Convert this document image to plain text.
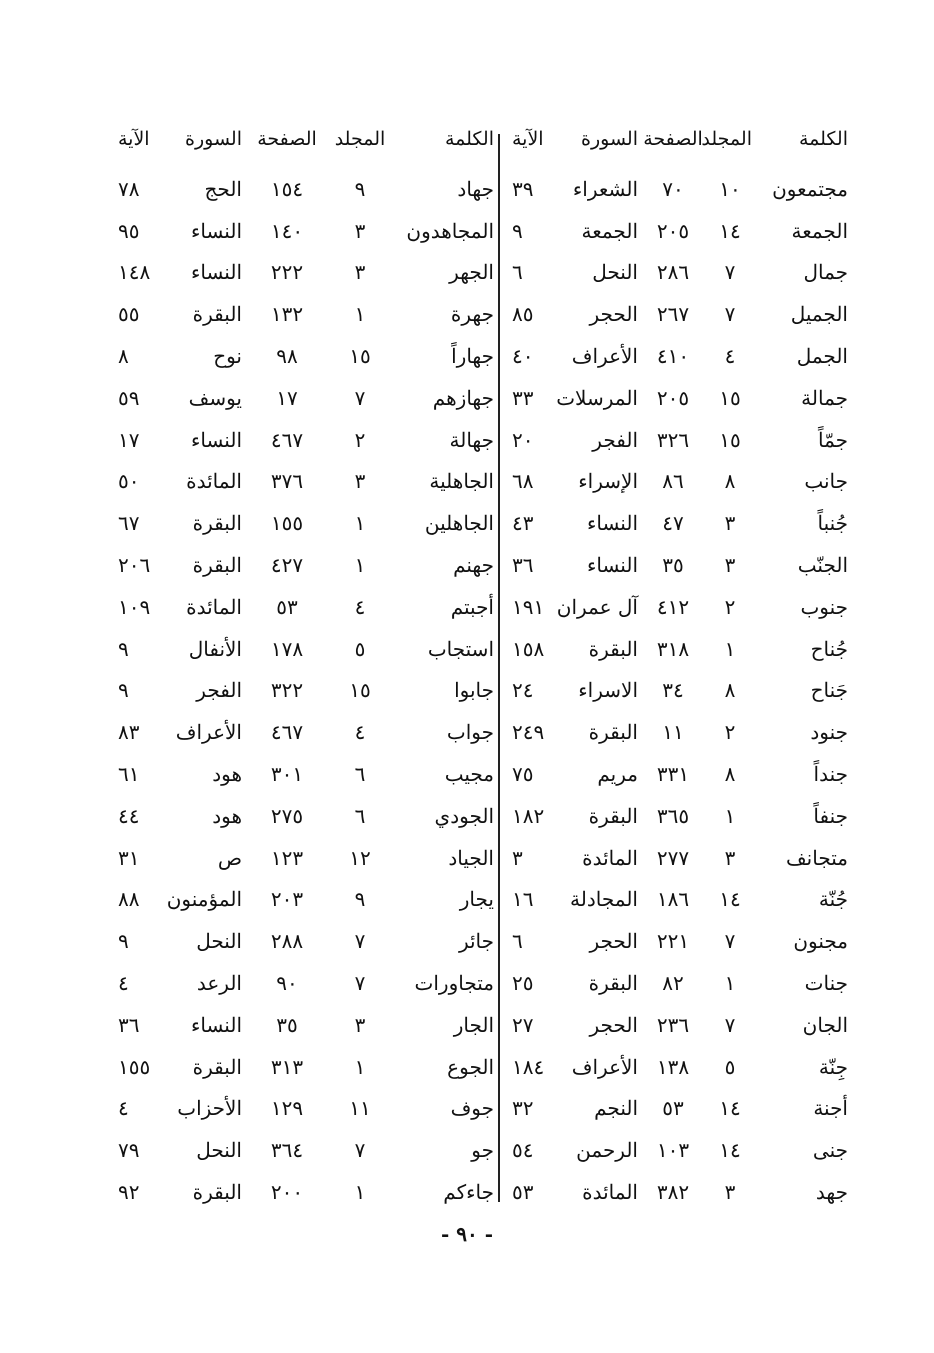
الكلمة
المجلد
الصفحة
السورة
الآية
مجتمعون
١٠
٧٠
الشعراء
٣٩
الجمعة
١٤
٢٠٥
الجمعة
٩
جمال
٧
٢٨٦
النحل
٦
الجميل
٧
٢٦٧
الحجر
٨٥
الجمل
٤
٤١٠
الأعراف
٤٠
جمالة
١٥
٢٠٥
المرسلات
٣٣
جمّاً
١٥
٣٢٦
الفجر
٢٠
جانب
٨
٨٦
الإسراء
٦٨
جُنباً
٣
٤٧
النساء
٤٣
الجنّب
٣
٣٥
النساء
٣٦
جنوب
٢
٤١٢
آل عمران
١٩١
جُناح
١
٣١٨
البقرة
١٥٨
جَناح
٨
٣٤
الاسراء
٢٤
جنود
٢
١١
البقرة
٢٤٩
جنداً
٨
٣٣١
مريم
٧٥
جنفاً
١
٣٦٥
البقرة
١٨٢
متجانف
٣
٢٧٧
المائدة
٣
جُنّة
١٤
١٨٦
المجادلة
١٦
مجنون
٧
٢٢١
الحجر
٦
جنات
١
٨٢
البقرة
٢٥
الجان
٧
٢٣٦
الحجر
٢٧
جِنّة
٥
١٣٨
الأعراف
١٨٤
أجنة
١٤
٥٣
النجم
٣٢
جنى
١٤
١٠٣
الرحمن
٥٤
جهد
٣
٣٨٢
المائدة
٥٣
الكلمة
المجلد
الصفحة
السورة
الآية
جهاد
٩
١٥٤
الحج
٧٨
المجاهدون
٣
١٤٠
النساء
٩٥
الجهر
٣
٢٢٢
النساء
١٤٨
جهرة
١
١٣٢
البقرة
٥٥
جهاراً
١٥
٩٨
نوح
٨
جهازهم
٧
١٧
يوسف
٥٩
جهالة
٢
٤٦٧
النساء
١٧
الجاهلية
٣
٣٧٦
المائدة
٥٠
الجاهلين
١
١٥٥
البقرة
٦٧
جهنم
١
٤٢٧
البقرة
٢٠٦
أجبتم
٤
٥٣
المائدة
١٠٩
استجاب
٥
١٧٨
الأنفال
٩
جابوا
١٥
٣٢٢
الفجر
٩
جواب
٤
٤٦٧
الأعراف
٨٣
مجيب
٦
٣٠١
هود
٦١
الجودي
٦
٢٧٥
هود
٤٤
الجياد
١٢
١٢٣
ص
٣١
يجار
٩
٢٠٣
المؤمنون
٨٨
جائر
٧
٢٨٨
النحل
٩
متجاورات
٧
٩٠
الرعد
٤
الجار
٣
٣٥
النساء
٣٦
الجوع
١
٣١٣
البقرة
١٥٥
جوف
١١
١٢٩
الأحزاب
٤
جو
٧
٣٦٤
النحل
٧٩
جاءكم
١
٢٠٠
البقرة
٩٢
- ٩٠ -
